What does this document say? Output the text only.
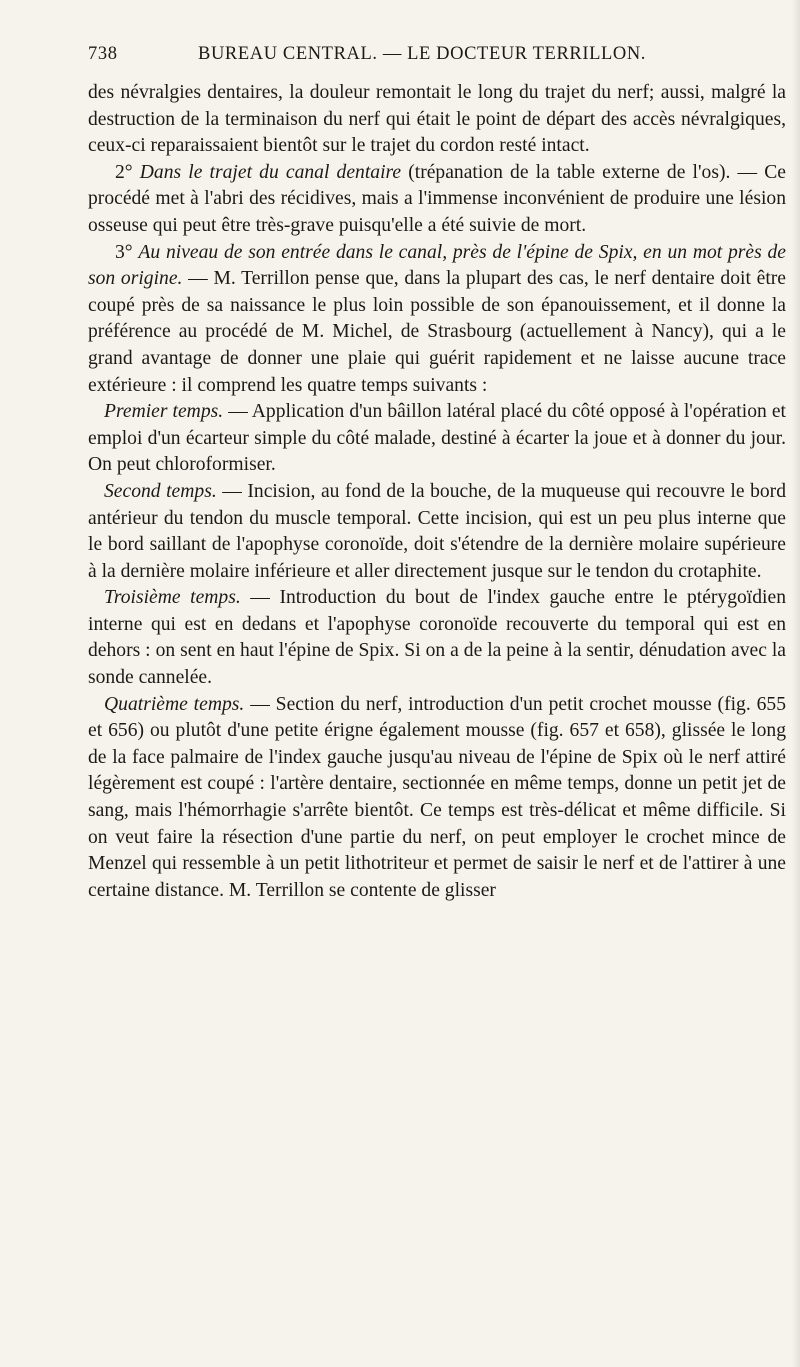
738	BUREAU CENTRAL. — LE DOCTEUR TERRILLON.

des névralgies dentaires, la douleur remontait le long du trajet du nerf; aussi, malgré la destruction de la terminaison du nerf qui était le point de départ des accès névralgiques, ceux-ci reparaissaient bientôt sur le trajet du cordon resté intact.

2° Dans le trajet du canal dentaire (trépanation de la table externe de l'os). — Ce procédé met à l'abri des récidives, mais a l'immense inconvénient de produire une lésion osseuse qui peut être très-grave puisqu'elle a été suivie de mort.

3° Au niveau de son entrée dans le canal, près de l'épine de Spix, en un mot près de son origine. — M. Terrillon pense que, dans la plupart des cas, le nerf dentaire doit être coupé près de sa naissance le plus loin possible de son épanouissement, et il donne la préférence au procédé de M. Michel, de Strasbourg (actuellement à Nancy), qui a le grand avantage de donner une plaie qui guérit rapidement et ne laisse aucune trace extérieure : il comprend les quatre temps suivants :

Premier temps. — Application d'un bâillon latéral placé du côté opposé à l'opération et emploi d'un écarteur simple du côté malade, destiné à écarter la joue et à donner du jour. On peut chloroformiser.

Second temps. — Incision, au fond de la bouche, de la muqueuse qui recouvre le bord antérieur du tendon du muscle temporal. Cette incision, qui est un peu plus interne que le bord saillant de l'apophyse coronoïde, doit s'étendre de la dernière molaire supérieure à la dernière molaire inférieure et aller directement jusque sur le tendon du crotaphite.

Troisième temps. — Introduction du bout de l'index gauche entre le ptérygoïdien interne qui est en dedans et l'apophyse coronoïde recouverte du temporal qui est en dehors : on sent en haut l'épine de Spix. Si on a de la peine à la sentir, dénudation avec la sonde cannelée.

Quatrième temps. — Section du nerf, introduction d'un petit crochet mousse (fig. 655 et 656) ou plutôt d'une petite érigne également mousse (fig. 657 et 658), glissée le long de la face palmaire de l'index gauche jusqu'au niveau de l'épine de Spix où le nerf attiré légèrement est coupé : l'artère dentaire, sectionnée en même temps, donne un petit jet de sang, mais l'hémorrhagie s'arrête bientôt. Ce temps est très-délicat et même difficile. Si on veut faire la résection d'une partie du nerf, on peut employer le crochet mince de Menzel qui ressemble à un petit lithotriteur et permet de saisir le nerf et de l'attirer à une certaine distance. M. Terrillon se contente de glisser
